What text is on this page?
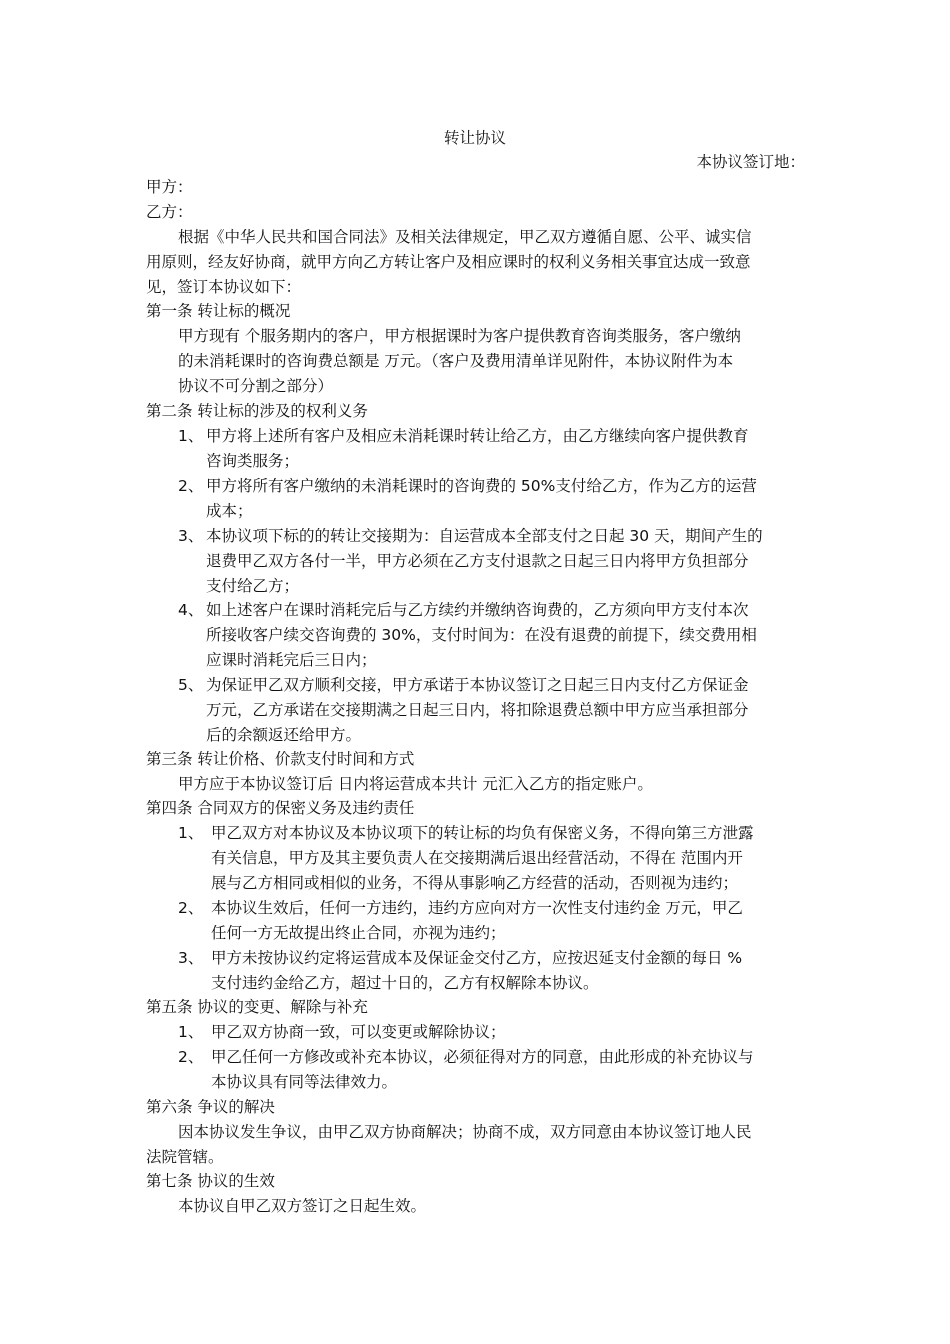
转让协议
本协议签订地：
甲方：
乙方：
根据《中华人民共和国合同法》及相关法律规定，甲乙双方遵循自愿、公平、诚实信
用原则，经友好协商，就甲方向乙方转让客户及相应课时的权利义务相关事宜达成一致意
见，签订本协议如下：
第一条 转让标的概况
甲方现有 个服务期内的客户，甲方根据课时为客户提供教育咨询类服务，客户缴纳
的未消耗课时的咨询费总额是 万元。（客户及费用清单详见附件，本协议附件为本
协议不可分割之部分）
第二条 转让标的涉及的权利义务
1、 甲方将上述所有客户及相应未消耗课时转让给乙方，由乙方继续向客户提供教育
咨询类服务；
2、 甲方将所有客户缴纳的未消耗课时的咨询费的 50%支付给乙方，作为乙方的运营
成本；
3、 本协议项下标的的转让交接期为：自运营成本全部支付之日起 30 天，期间产生的
退费甲乙双方各付一半，甲方必须在乙方支付退款之日起三日内将甲方负担部分
支付给乙方；
4、 如上述客户在课时消耗完后与乙方续约并缴纳咨询费的，乙方须向甲方支付本次
所接收客户续交咨询费的 30%，支付时间为：在没有退费的前提下，续交费用相
应课时消耗完后三日内；
5、 为保证甲乙双方顺利交接，甲方承诺于本协议签订之日起三日内支付乙方保证金
万元，乙方承诺在交接期满之日起三日内，将扣除退费总额中甲方应当承担部分
后的余额返还给甲方。
第三条 转让价格、价款支付时间和方式
甲方应于本协议签订后 日内将运营成本共计 元汇入乙方的指定账户。
第四条 合同双方的保密义务及违约责任
1、 甲乙双方对本协议及本协议项下的转让标的均负有保密义务，不得向第三方泄露
有关信息，甲方及其主要负责人在交接期满后退出经营活动，不得在 范围内开
展与乙方相同或相似的业务，不得从事影响乙方经营的活动，否则视为违约；
2、 本协议生效后，任何一方违约，违约方应向对方一次性支付违约金 万元，甲乙
任何一方无故提出终止合同，亦视为违约；
3、 甲方未按协议约定将运营成本及保证金交付乙方，应按迟延支付金额的每日 %
支付违约金给乙方，超过十日的，乙方有权解除本协议。
第五条 协议的变更、解除与补充
1、 甲乙双方协商一致，可以变更或解除协议；
2、 甲乙任何一方修改或补充本协议，必须征得对方的同意，由此形成的补充协议与
本协议具有同等法律效力。
第六条 争议的解决
因本协议发生争议，由甲乙双方协商解决；协商不成，双方同意由本协议签订地人民
法院管辖。
第七条 协议的生效
本协议自甲乙双方签订之日起生效。
